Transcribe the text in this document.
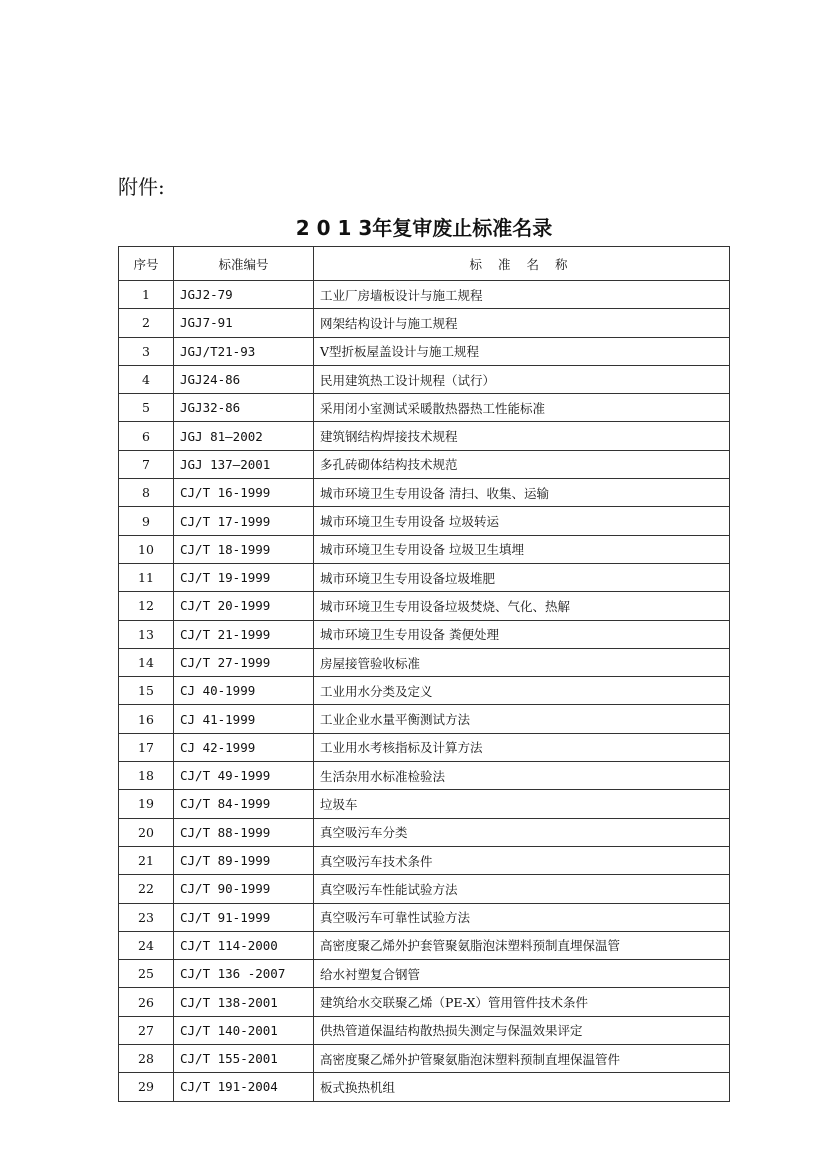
附件:
2 0 1 3年复审废止标准名录
序号	标准编号	标 准 名 称
1	JGJ2-79	工业厂房墙板设计与施工规程
2	JGJ7-91	网架结构设计与施工规程
3	JGJ/T21-93	V型折板屋盖设计与施工规程
4	JGJ24-86	民用建筑热工设计规程（试行）
5	JGJ32-86	采用闭小室测试采暖散热器热工性能标准
6	JGJ 81—2002	建筑钢结构焊接技术规程
7	JGJ 137—2001	多孔砖砌体结构技术规范
8	CJ/T 16-1999	城市环境卫生专用设备 清扫、收集、运输
9	CJ/T 17-1999	城市环境卫生专用设备 垃圾转运
10	CJ/T 18-1999	城市环境卫生专用设备 垃圾卫生填埋
11	CJ/T 19-1999	城市环境卫生专用设备垃圾堆肥
12	CJ/T 20-1999	城市环境卫生专用设备垃圾焚烧、气化、热解
13	CJ/T 21-1999	城市环境卫生专用设备 粪便处理
14	CJ/T 27-1999	房屋接管验收标准
15	CJ 40-1999	工业用水分类及定义
16	CJ 41-1999	工业企业水量平衡测试方法
17	CJ 42-1999	工业用水考核指标及计算方法
18	CJ/T 49-1999	生活杂用水标准检验法
19	CJ/T 84-1999	垃圾车
20	CJ/T 88-1999	真空吸污车分类
21	CJ/T 89-1999	真空吸污车技术条件
22	CJ/T 90-1999	真空吸污车性能试验方法
23	CJ/T 91-1999	真空吸污车可靠性试验方法
24	CJ/T 114-2000	高密度聚乙烯外护套管聚氨脂泡沫塑料预制直埋保温管
25	CJ/T 136 -2007	给水衬塑复合钢管
26	CJ/T 138-2001	建筑给水交联聚乙烯（PE-X）管用管件技术条件
27	CJ/T 140-2001	供热管道保温结构散热损失测定与保温效果评定
28	CJ/T 155-2001	高密度聚乙烯外护管聚氨脂泡沫塑料预制直埋保温管件
29	CJ/T 191-2004	板式换热机组
